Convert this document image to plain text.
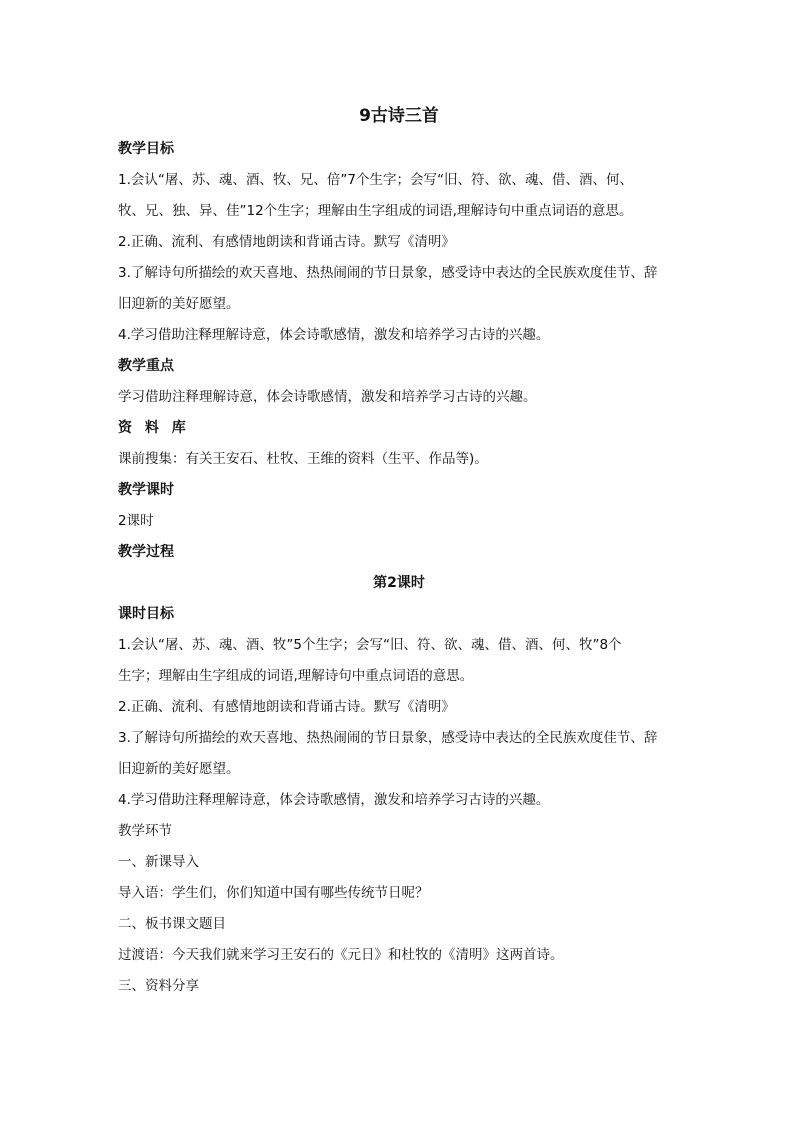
9古诗三首
教学目标
1.会认“屠、苏、魂、酒、牧、兄、倍”7个生字；会写“旧、符、欲、魂、借、酒、何、
牧、兄、独、异、佳”12个生字；理解由生字组成的词语,理解诗句中重点词语的意思。
2.正确、流利、有感情地朗读和背诵古诗。默写《清明》
3.了解诗句所描绘的欢天喜地、热热闹闹的节日景象，感受诗中表达的全民族欢度佳节、辞
旧迎新的美好愿望。
4.学习借助注释理解诗意，体会诗歌感情，激发和培养学习古诗的兴趣。
教学重点
学习借助注释理解诗意，体会诗歌感情，激发和培养学习古诗的兴趣。
资 料 库
课前搜集：有关王安石、杜牧、王维的资料（生平、作品等)。
教学课时
2课时
教学过程
第2课时
课时目标
1.会认“屠、苏、魂、酒、牧”5个生字；会写“旧、符、欲、魂、借、酒、何、牧”8个
生字；理解由生字组成的词语,理解诗句中重点词语的意思。
2.正确、流利、有感情地朗读和背诵古诗。默写《清明》
3.了解诗句所描绘的欢天喜地、热热闹闹的节日景象，感受诗中表达的全民族欢度佳节、辞
旧迎新的美好愿望。
4.学习借助注释理解诗意，体会诗歌感情，激发和培养学习古诗的兴趣。
教学环节
一、新课导入
导入语：学生们，你们知道中国有哪些传统节日呢？
二、板书课文题目
过渡语：今天我们就来学习王安石的《元日》和杜牧的《清明》这两首诗。
三、资料分享
